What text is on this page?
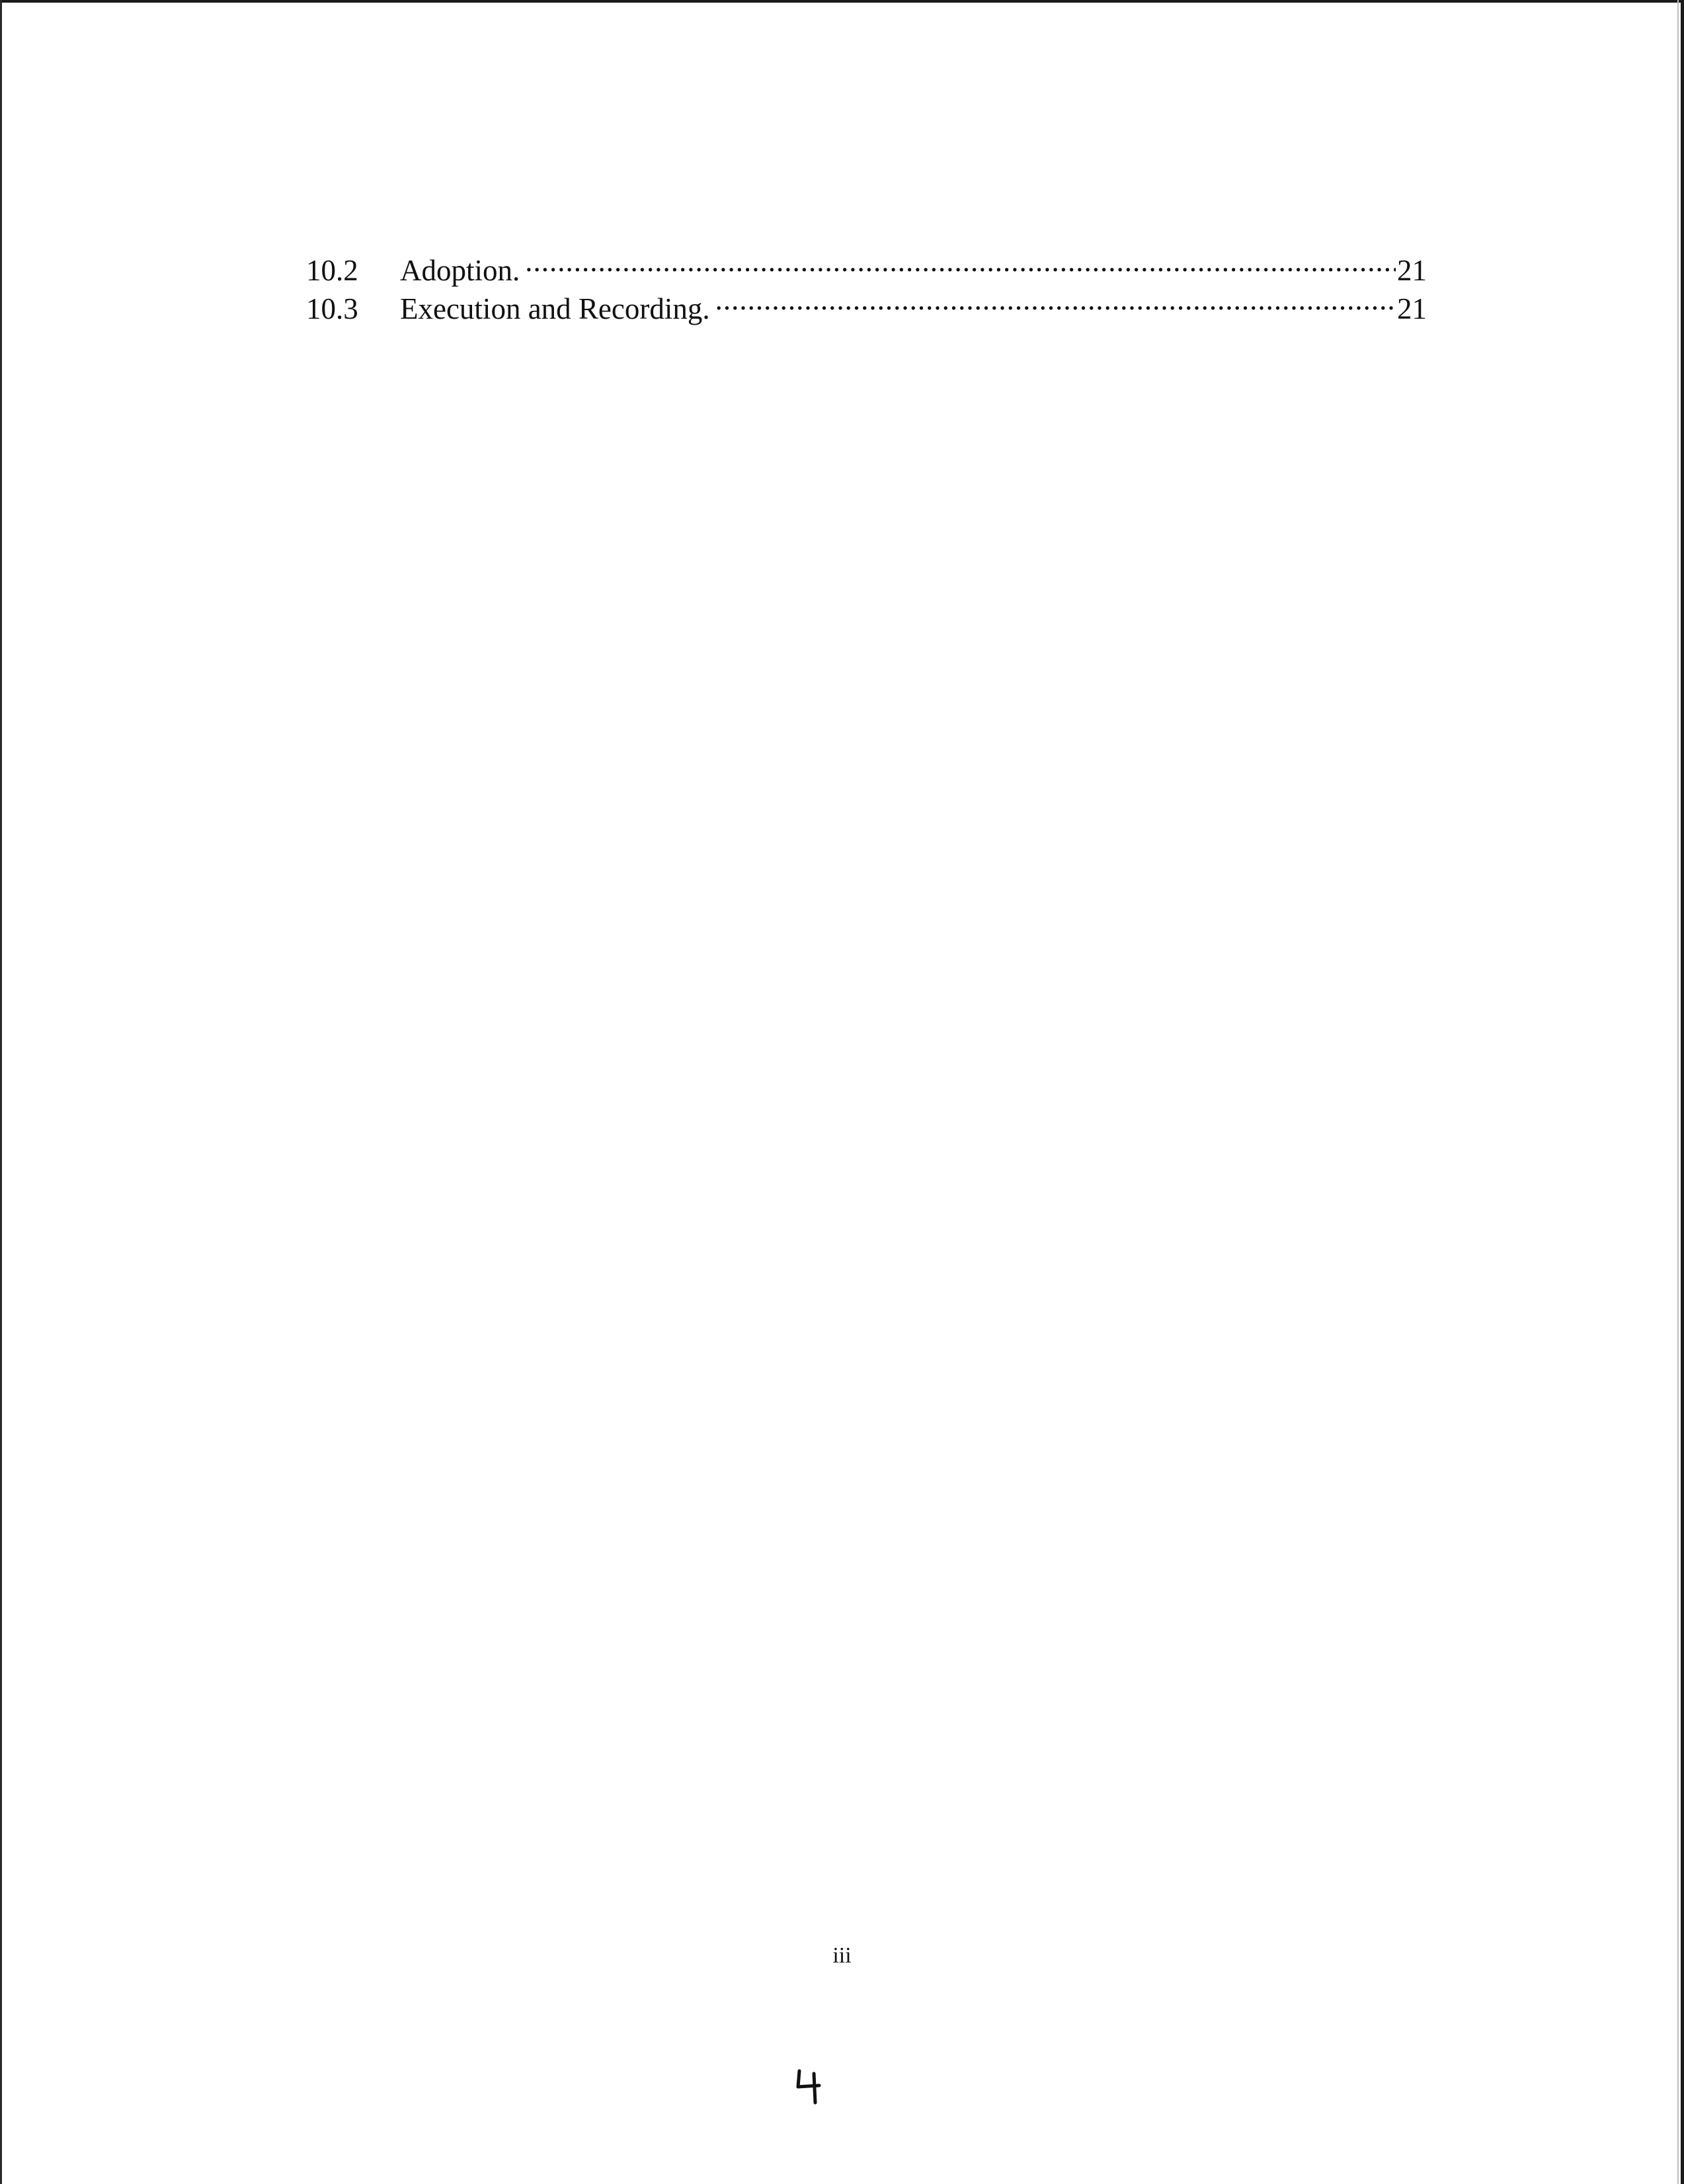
10.2	Adoption. .....	21
10.3	Execution and Recording. .....	21
iii
